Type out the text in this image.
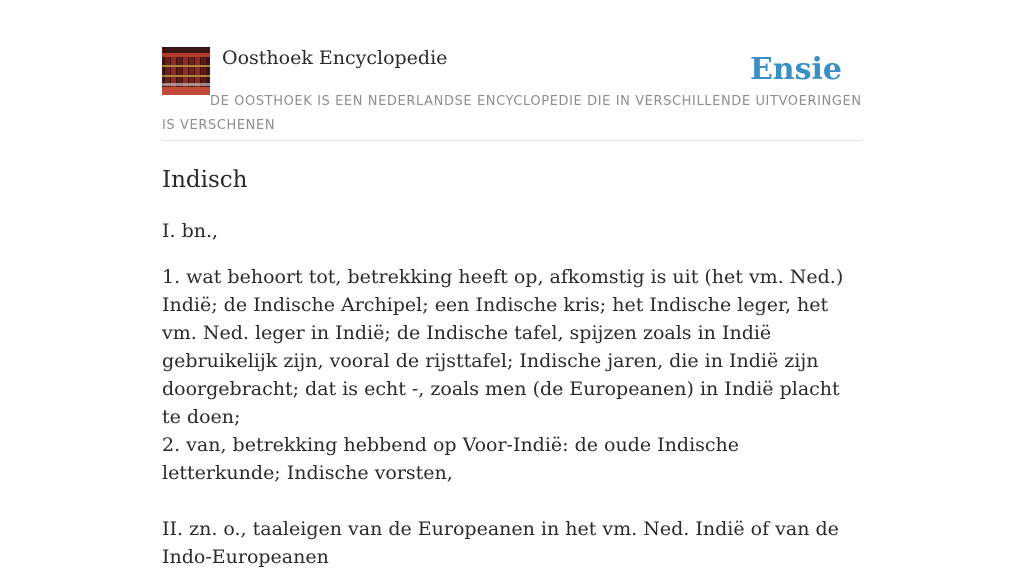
Oosthoek Encyclopedie	Ensie
DE OOSTHOEK IS EEN NEDERLANDSE ENCYCLOPEDIE DIE IN VERSCHILLENDE UITVOERINGEN IS VERSCHENEN
Indisch

I. bn.,

1. wat behoort tot, betrekking heeft op, afkomstig is uit (het vm. Ned.) Indië; de Indische Archipel; een Indische kris; het Indische leger, het vm. Ned. leger in Indië; de Indische tafel, spijzen zoals in Indië gebruikelijk zijn, vooral de rijsttafel; Indische jaren, die in Indië zijn doorgebracht; dat is echt -, zoals men (de Europeanen) in Indië placht te doen;
2. van, betrekking hebbend op Voor-Indië: de oude Indische letterkunde; Indische vorsten,

II. zn. o., taaleigen van de Europeanen in het vm. Ned. Indië of van de Indo-Europeanen
